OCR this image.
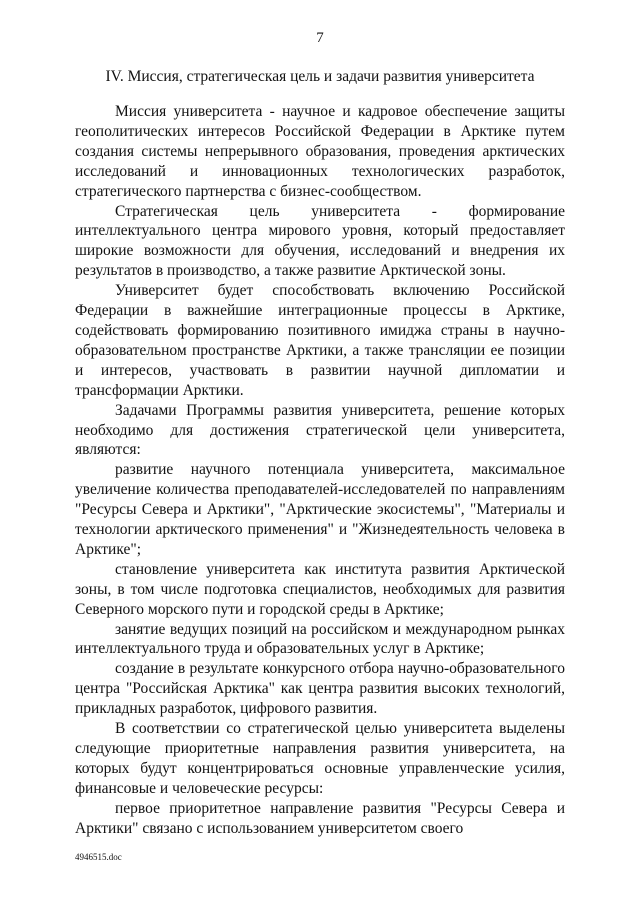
7
IV. Миссия, стратегическая цель и задачи развития университета

Миссия университета - научное и кадровое обеспечение защиты геополитических интересов Российской Федерации в Арктике путем создания системы непрерывного образования, проведения арктических исследований и инновационных технологических разработок, стратегического партнерства с бизнес-сообществом.

Стратегическая цель университета - формирование интеллектуального центра мирового уровня, который предоставляет широкие возможности для обучения, исследований и внедрения их результатов в производство, а также развитие Арктической зоны.

Университет будет способствовать включению Российской Федерации в важнейшие интеграционные процессы в Арктике, содействовать формированию позитивного имиджа страны в научно-образовательном пространстве Арктики, а также трансляции ее позиции и интересов, участвовать в развитии научной дипломатии и трансформации Арктики.

Задачами Программы развития университета, решение которых необходимо для достижения стратегической цели университета, являются:

развитие научного потенциала университета, максимальное увеличение количества преподавателей-исследователей по направлениям "Ресурсы Севера и Арктики", "Арктические экосистемы", "Материалы и технологии арктического применения" и "Жизнедеятельность человека в Арктике";

становление университета как института развития Арктической зоны, в том числе подготовка специалистов, необходимых для развития Северного морского пути и городской среды в Арктике;

занятие ведущих позиций на российском и международном рынках интеллектуального труда и образовательных услуг в Арктике;

создание в результате конкурсного отбора научно-образовательного центра "Российская Арктика" как центра развития высоких технологий, прикладных разработок, цифрового развития.

В соответствии со стратегической целью университета выделены следующие приоритетные направления развития университета, на которых будут концентрироваться основные управленческие усилия, финансовые и человеческие ресурсы:

первое приоритетное направление развития "Ресурсы Севера и Арктики" связано с использованием университетом своего

4946515.doc
